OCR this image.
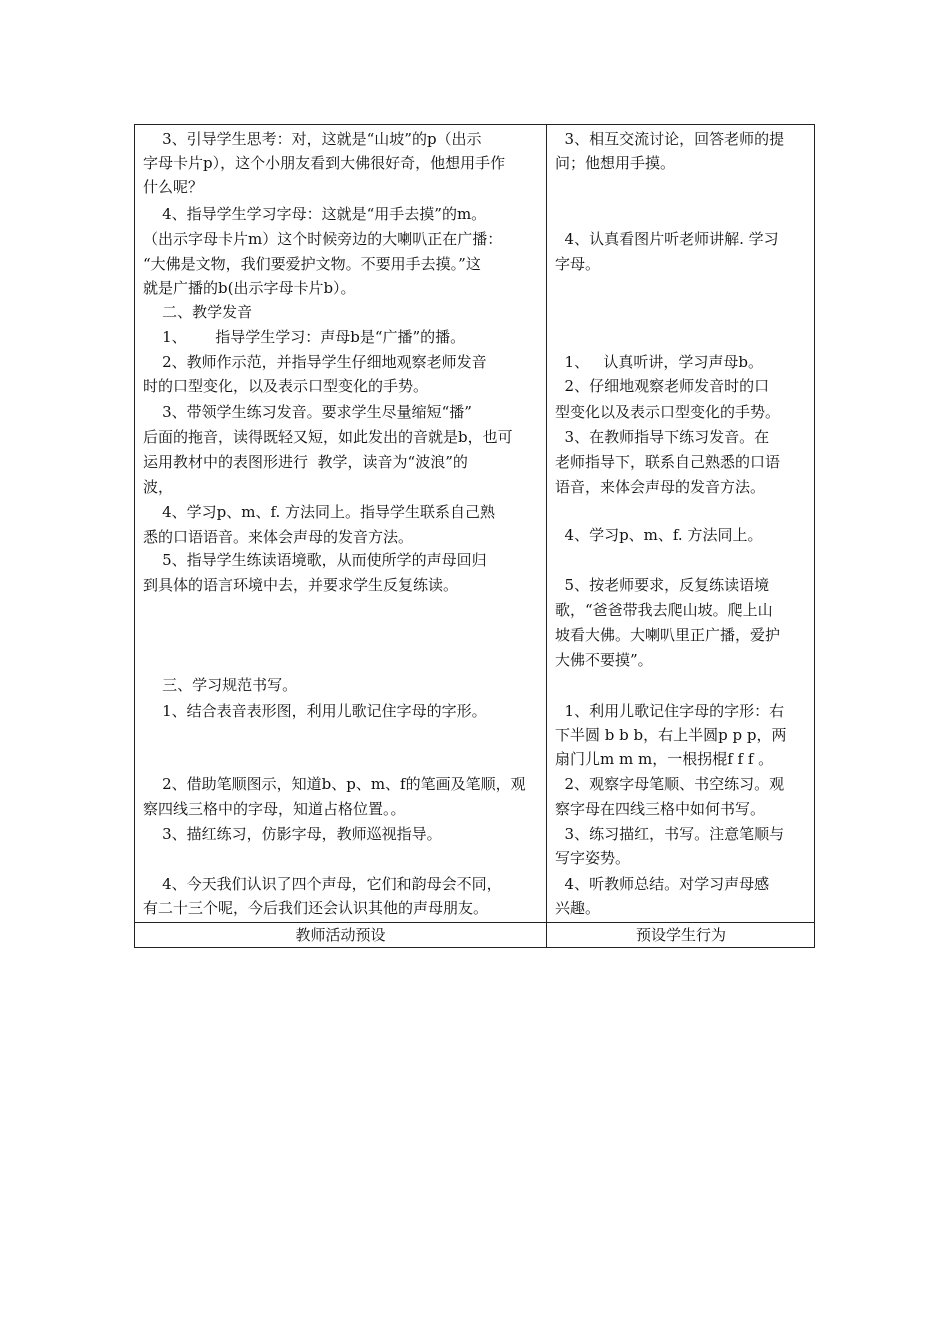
3、引导学生思考：对，这就是“山坡”的p（出示
字母卡片p），这个小朋友看到大佛很好奇，他想用手作
什么呢？
4、指导学生学习字母：这就是“用手去摸”的m。
（出示字母卡片m）这个时候旁边的大喇叭正在广播：
“大佛是文物，我们要爱护文物。不要用手去摸。”这
就是广播的b(出示字母卡片b）。
二、教学发音
1、      指导学生学习：声母b是“广播”的播。
2、教师作示范，并指导学生仔细地观察老师发音
时的口型变化，以及表示口型变化的手势。
3、带领学生练习发音。要求学生尽量缩短“播”
后面的拖音，读得既轻又短，如此发出的音就是b，也可
运用教材中的表图形进行  教学，读音为“波浪”的
波，
4、学习p、m、f. 方法同上。指导学生联系自己熟
悉的口语语音。来体会声母的发音方法。
5、指导学生练读语境歌，从而使所学的声母回归
到具体的语言环境中去，并要求学生反复练读。
三、学习规范书写。
1、结合表音表形图，利用儿歌记住字母的字形。
2、借助笔顺图示，知道b、p、m、f的笔画及笔顺，观
察四线三格中的字母，知道占格位置。。
3、描红练习，仿影字母，教师巡视指导。
4、今天我们认识了四个声母，它们和韵母会不同，
有二十三个呢，今后我们还会认识其他的声母朋友。
3、相互交流讨论，回答老师的提
问；他想用手摸。
4、认真看图片听老师讲解. 学习
字母。
1、   认真听讲，学习声母b。
2、仔细地观察老师发音时的口
型变化以及表示口型变化的手势。
3、在教师指导下练习发音。在
老师指导下，联系自己熟悉的口语
语音，来体会声母的发音方法。
4、学习p、m、f. 方法同上。
5、按老师要求，反复练读语境
歌，“爸爸带我去爬山坡。爬上山
坡看大佛。大喇叭里正广播，爱护
大佛不要摸”。
1、利用儿歌记住字母的字形：右
下半圆 b b b，右上半圆p p p，两
扇门儿m m m，一根拐棍f f f 。
2、观察字母笔顺、书空练习。观
察字母在四线三格中如何书写。
3、练习描红，书写。注意笔顺与
写字姿势。
4、听教师总结。对学习声母感
兴趣。
教师活动预设	预设学生行为
